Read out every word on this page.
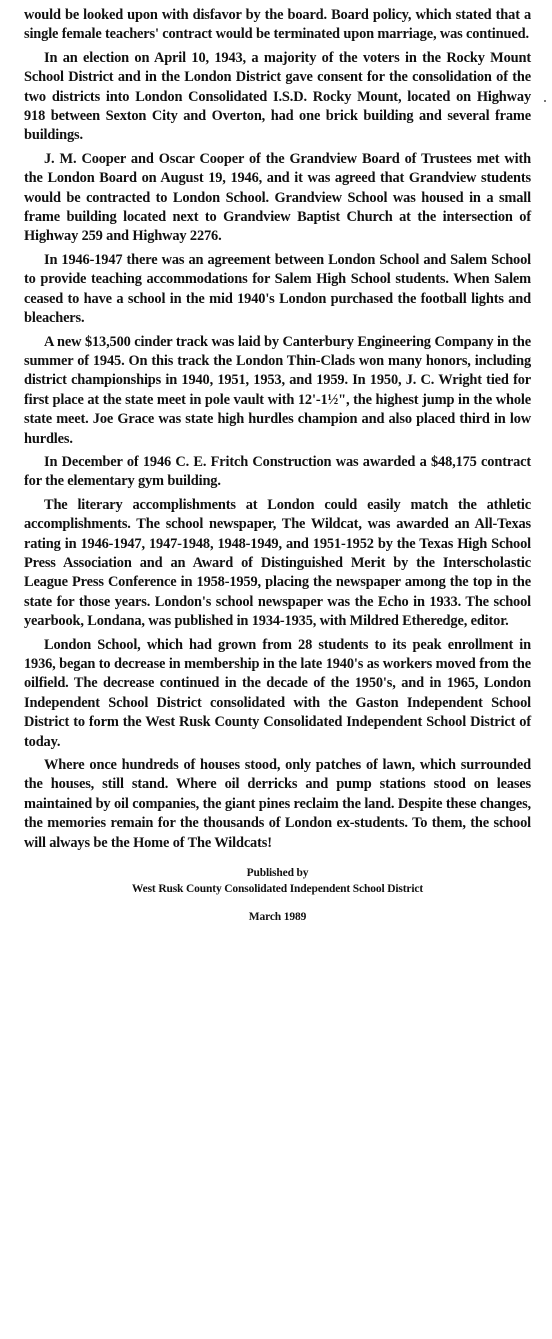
would be looked upon with disfavor by the board. Board policy, which stated that a single female teachers' contract would be terminated upon marriage, was continued.

In an election on April 10, 1943, a majority of the voters in the Rocky Mount School District and in the London District gave consent for the consolidation of the two districts into London Consolidated I.S.D. Rocky Mount, located on Highway 918 between Sexton City and Overton, had one brick building and several frame buildings.

J. M. Cooper and Oscar Cooper of the Grandview Board of Trustees met with the London Board on August 19, 1946, and it was agreed that Grandview students would be contracted to London School. Grandview School was housed in a small frame building located next to Grandview Baptist Church at the intersection of Highway 259 and Highway 2276.

In 1946-1947 there was an agreement between London School and Salem School to provide teaching accommodations for Salem High School students. When Salem ceased to have a school in the mid 1940's London purchased the football lights and bleachers.

A new $13,500 cinder track was laid by Canterbury Engineering Company in the summer of 1945. On this track the London Thin-Clads won many honors, including district championships in 1940, 1951, 1953, and 1959. In 1950, J. C. Wright tied for first place at the state meet in pole vault with 12'-1½", the highest jump in the whole state meet. Joe Grace was state high hurdles champion and also placed third in low hurdles.

In December of 1946 C. E. Fritch Construction was awarded a $48,175 contract for the elementary gym building.

The literary accomplishments at London could easily match the athletic accomplishments. The school newspaper, The Wildcat, was awarded an All-Texas rating in 1946-1947, 1947-1948, 1948-1949, and 1951-1952 by the Texas High School Press Association and an Award of Distinguished Merit by the Interscholastic League Press Conference in 1958-1959, placing the newspaper among the top in the state for those years. London's school newspaper was the Echo in 1933. The school yearbook, Londana, was published in 1934-1935, with Mildred Etheredge, editor.

London School, which had grown from 28 students to its peak enrollment in 1936, began to decrease in membership in the late 1940's as workers moved from the oilfield. The decrease continued in the decade of the 1950's, and in 1965, London Independent School District consolidated with the Gaston Independent School District to form the West Rusk County Consolidated Independent School District of today.

Where once hundreds of houses stood, only patches of lawn, which surrounded the houses, still stand. Where oil derricks and pump stations stood on leases maintained by oil companies, the giant pines reclaim the land. Despite these changes, the memories remain for the thousands of London ex-students. To them, the school will always be the Home of The Wildcats!

Published by
West Rusk County Consolidated Independent School District
March 1989
